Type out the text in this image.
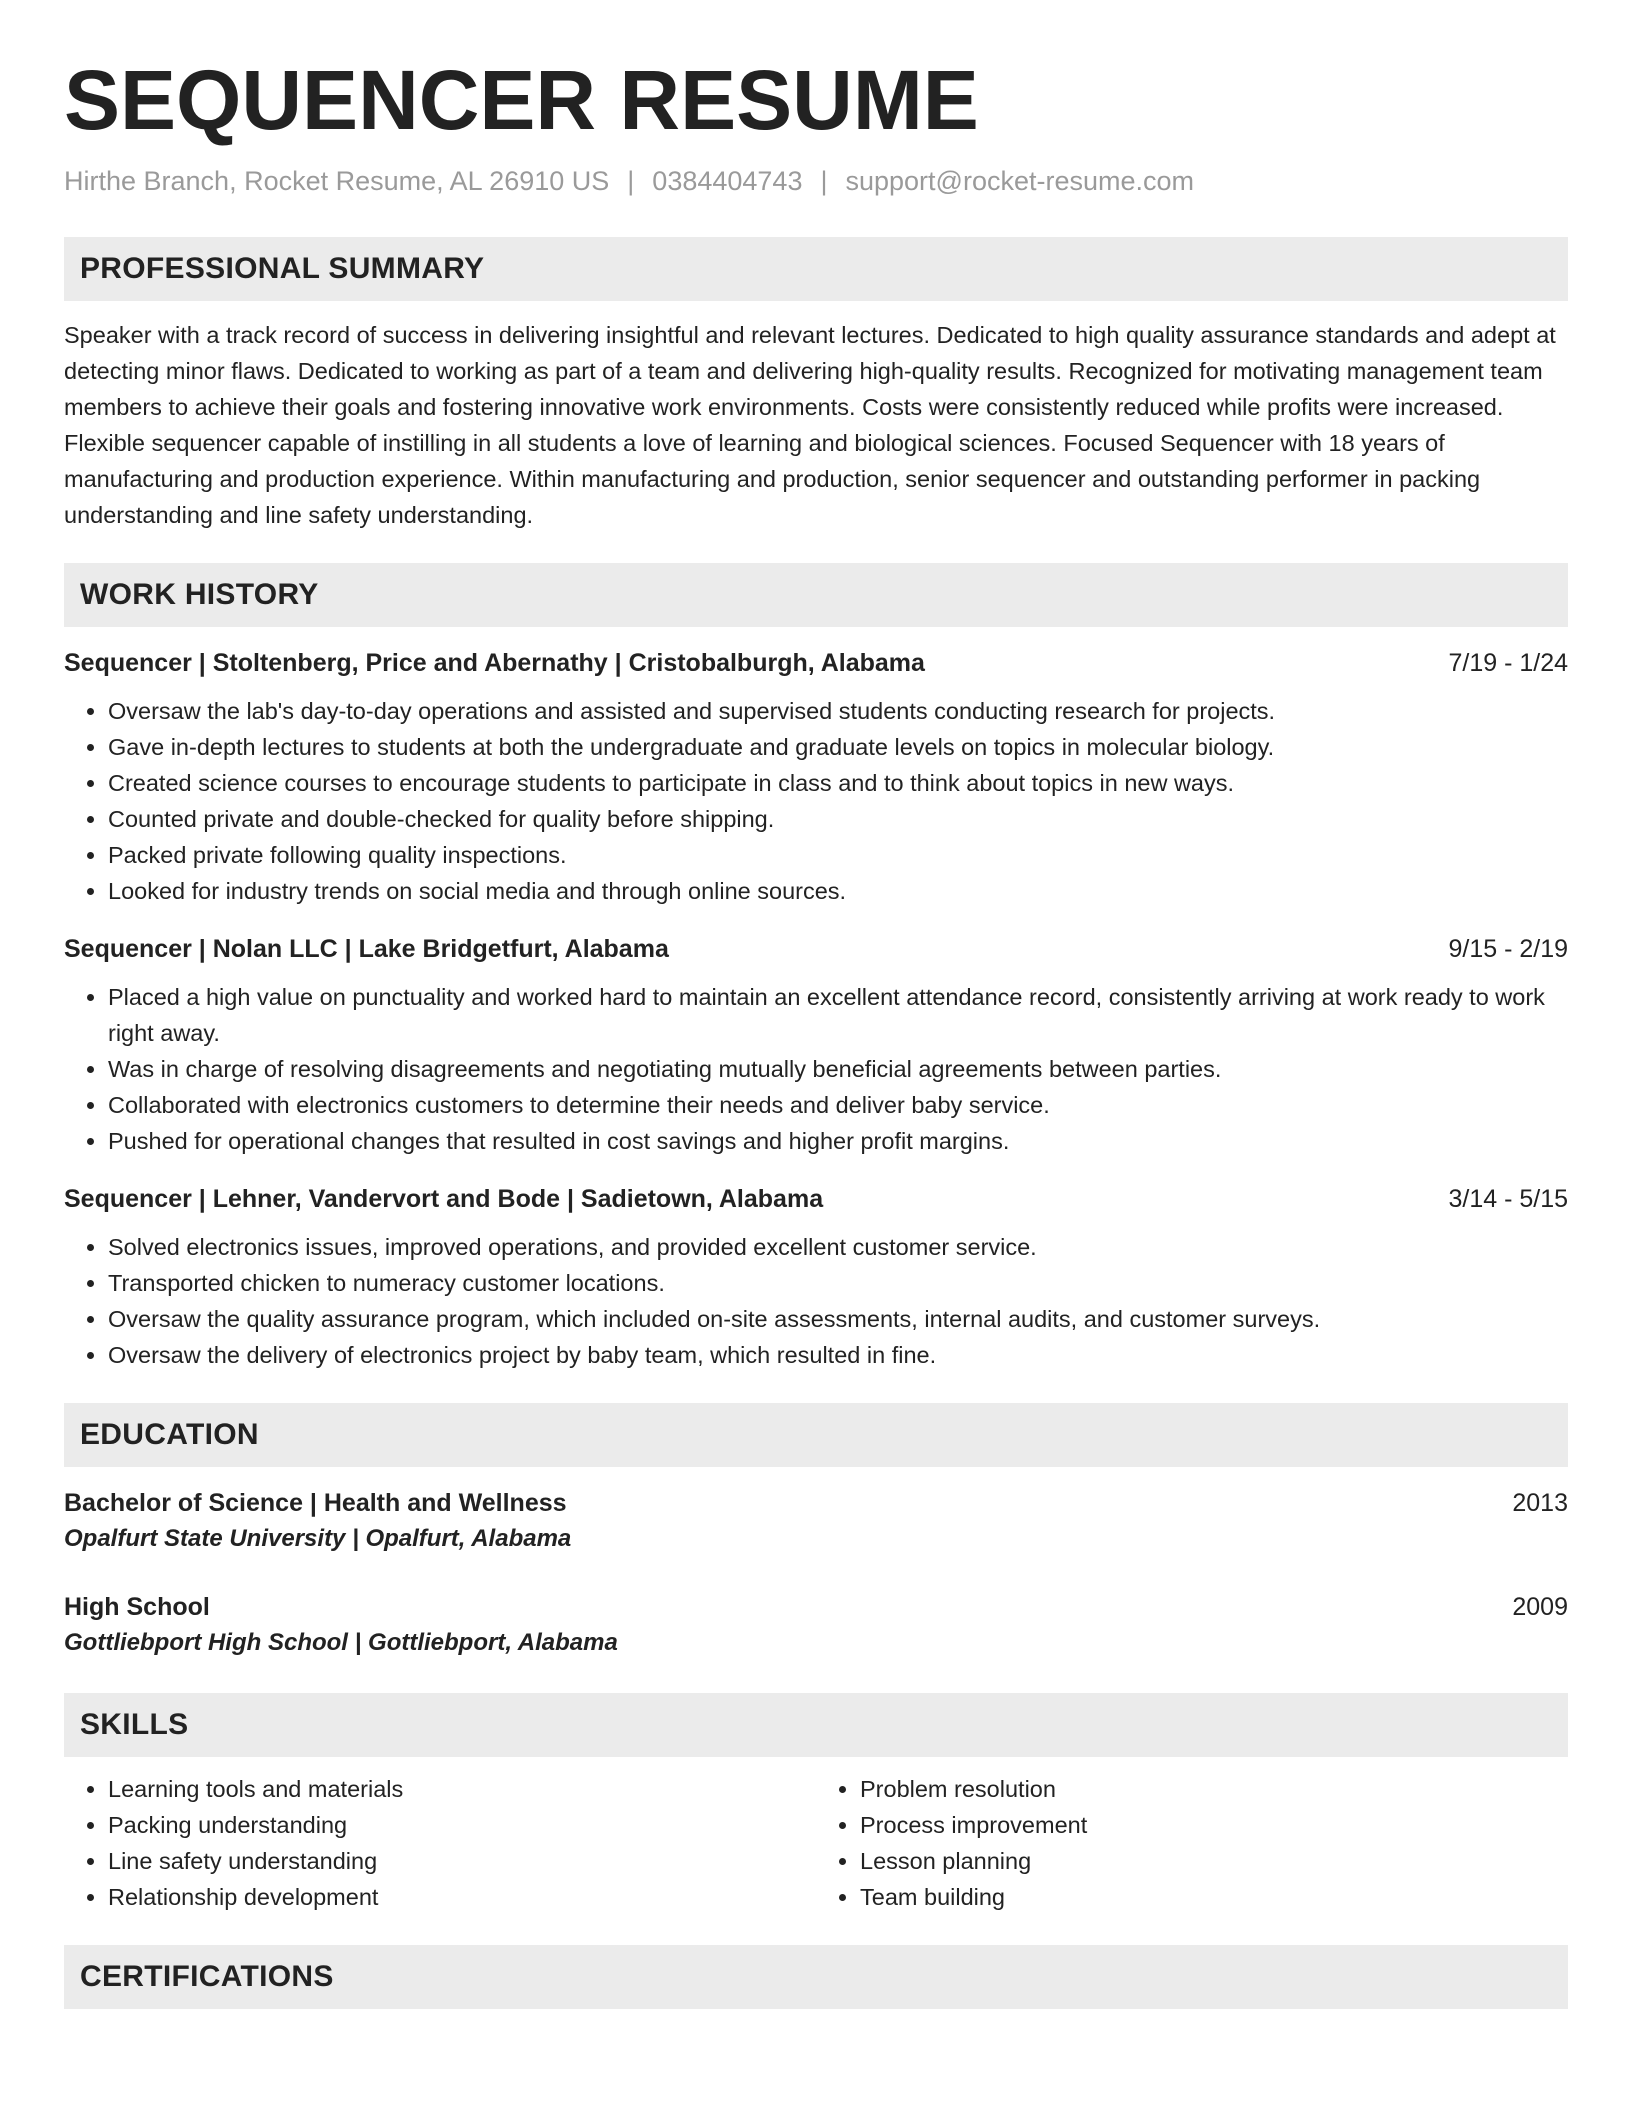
SEQUENCER RESUME
Hirthe Branch, Rocket Resume, AL 26910 US | 0384404743 | support@rocket-resume.com
PROFESSIONAL SUMMARY

Speaker with a track record of success in delivering insightful and relevant lectures. Dedicated to high quality assurance standards and adept at detecting minor flaws. Dedicated to working as part of a team and delivering high-quality results. Recognized for motivating management team members to achieve their goals and fostering innovative work environments. Costs were consistently reduced while profits were increased. Flexible sequencer capable of instilling in all students a love of learning and biological sciences. Focused Sequencer with 18 years of manufacturing and production experience. Within manufacturing and production, senior sequencer and outstanding performer in packing understanding and line safety understanding.

WORK HISTORY
Sequencer | Stoltenberg, Price and Abernathy | Cristobalburgh, Alabama	7/19 - 1/24
• Oversaw the lab's day-to-day operations and assisted and supervised students conducting research for projects.
• Gave in-depth lectures to students at both the undergraduate and graduate levels on topics in molecular biology.
• Created science courses to encourage students to participate in class and to think about topics in new ways.
• Counted private and double-checked for quality before shipping.
• Packed private following quality inspections.
• Looked for industry trends on social media and through online sources.
Sequencer | Nolan LLC | Lake Bridgetfurt, Alabama	9/15 - 2/19
• Placed a high value on punctuality and worked hard to maintain an excellent attendance record, consistently arriving at work ready to work right away.
• Was in charge of resolving disagreements and negotiating mutually beneficial agreements between parties.
• Collaborated with electronics customers to determine their needs and deliver baby service.
• Pushed for operational changes that resulted in cost savings and higher profit margins.
Sequencer | Lehner, Vandervort and Bode | Sadietown, Alabama	3/14 - 5/15
• Solved electronics issues, improved operations, and provided excellent customer service.
• Transported chicken to numeracy customer locations.
• Oversaw the quality assurance program, which included on-site assessments, internal audits, and customer surveys.
• Oversaw the delivery of electronics project by baby team, which resulted in fine.
EDUCATION
Bachelor of Science | Health and Wellness	2013
Opalfurt State University | Opalfurt, Alabama
High School	2009
Gottliebport High School | Gottliebport, Alabama
SKILLS
• Learning tools and materials
• Packing understanding
• Line safety understanding
• Relationship development
• Problem resolution
• Process improvement
• Lesson planning
• Team building
CERTIFICATIONS
